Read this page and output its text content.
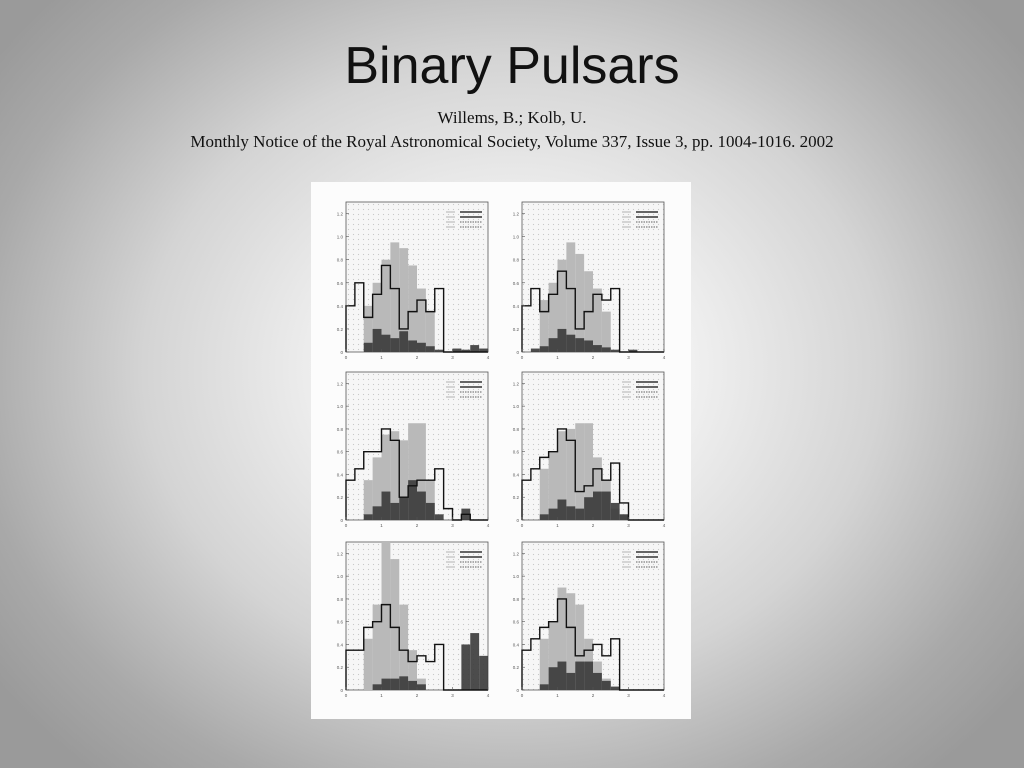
Binary Pulsars
Willems, B.; Kolb, U.
Monthly Notice of the Royal Astronomical Society, Volume 337, Issue 3, pp. 1004-1016. 2002
0
0.2
0.4
0.6
0.8
1.0
1.2
0	1	2	3	4
0
0.2
0.4
0.6
0.8
1.0
1.2
0	1	2	3	4
0
0.2
0.4
0.6
0.8
1.0
1.2
0	1	2	3	4
0
0.2
0.4
0.6
0.8
1.0
1.2
0	1	2	3	4
0
0.2
0.4
0.6
0.8
1.0
1.2
0	1	2	3	4
0
0.2
0.4
0.6
0.8
1.0
1.2
0	1	2	3	4
